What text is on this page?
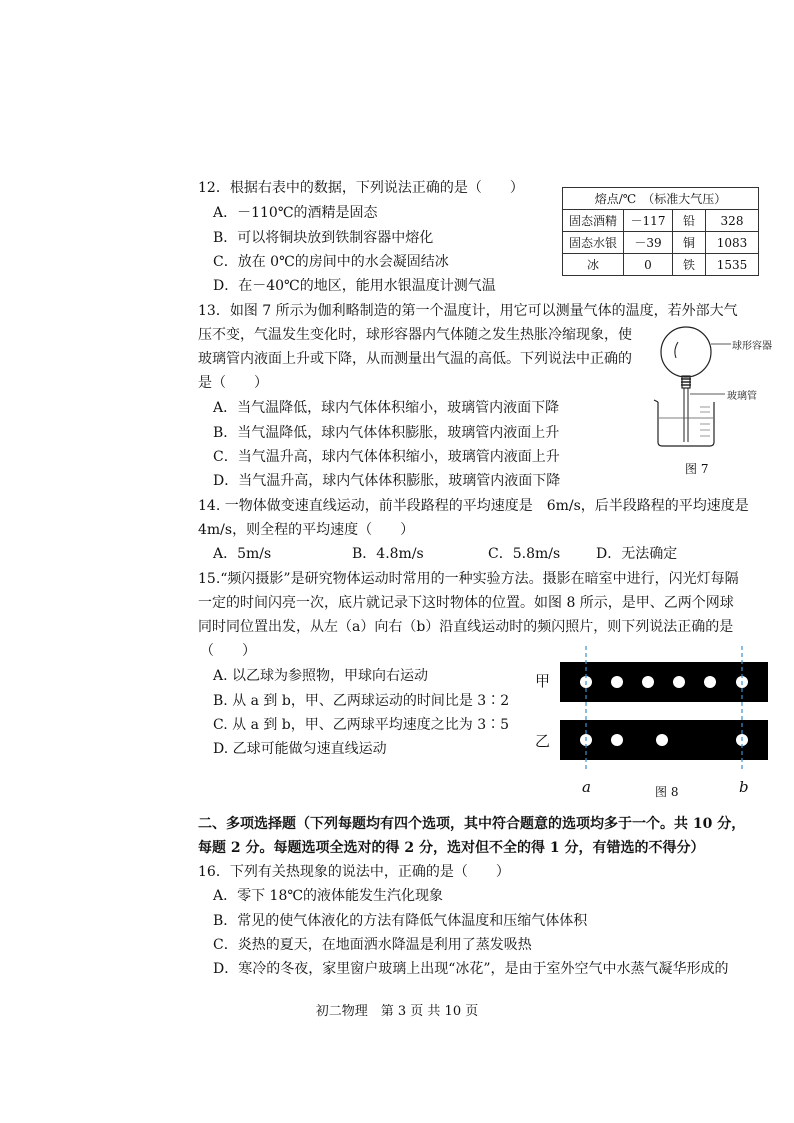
12．根据右表中的数据，下列说法正确的是（　　）
A．－110℃的酒精是固态
B．可以将铜块放到铁制容器中熔化
C．放在 0℃的房间中的水会凝固结冰
D．在－40℃的地区，能用水银温度计测气温
熔点/℃　（标准大气压）			
固态酒精	－117	铅	328
固态水银	－39	铜	1083
冰	0	铁	1535
13．如图 7 所示为伽利略制造的第一个温度计，用它可以测量气体的温度，若外部大气
压不变，气温发生变化时，球形容器内气体随之发生热胀冷缩现象，使
玻璃管内液面上升或下降，从而测量出气温的高低。下列说法中正确的
是（　　）
A．当气温降低，球内气体体积缩小，玻璃管内液面下降
B．当气温降低，球内气体体积膨胀，玻璃管内液面上升
C．当气温升高，球内气体体积缩小，玻璃管内液面上升
D．当气温升高，球内气体体积膨胀，玻璃管内液面下降
球形容器
玻璃管
图 7
14. 一物体做变速直线运动，前半段路程的平均速度是　6m/s，后半段路程的平均速度是
4m/s，则全程的平均速度（　　）
A．5m/s	B．4.8m/s	C．5.8m/s	D．无法确定
15.“频闪摄影”是研究物体运动时常用的一种实验方法。摄影在暗室中进行，闪光灯每隔
一定的时间闪亮一次，底片就记录下这时物体的位置。如图 8 所示，是甲、乙两个网球
同时同位置出发，从左（a）向右（b）沿直线运动时的频闪照片，则下列说法正确的是
（　　）
A. 以乙球为参照物，甲球向右运动
B. 从 a 到 b，甲、乙两球运动的时间比是 3∶2
C. 从 a 到 b，甲、乙两球平均速度之比为 3∶5
D. 乙球可能做匀速直线运动
甲
乙
a	b
图 8
二、多项选择题（下列每题均有四个选项，其中符合题意的选项均多于一个。共 10 分，
每题 2 分。每题选项全选对的得 2 分，选对但不全的得 1 分，有错选的不得分）
16．下列有关热现象的说法中，正确的是（　　）
A．零下 18℃的液体能发生汽化现象
B．常见的使气体液化的方法有降低气体温度和压缩气体体积
C．炎热的夏天，在地面洒水降温是利用了蒸发吸热
D．寒冷的冬夜，家里窗户玻璃上出现“冰花”，是由于室外空气中水蒸气凝华形成的
初二物理　第 3 页 共 10 页
